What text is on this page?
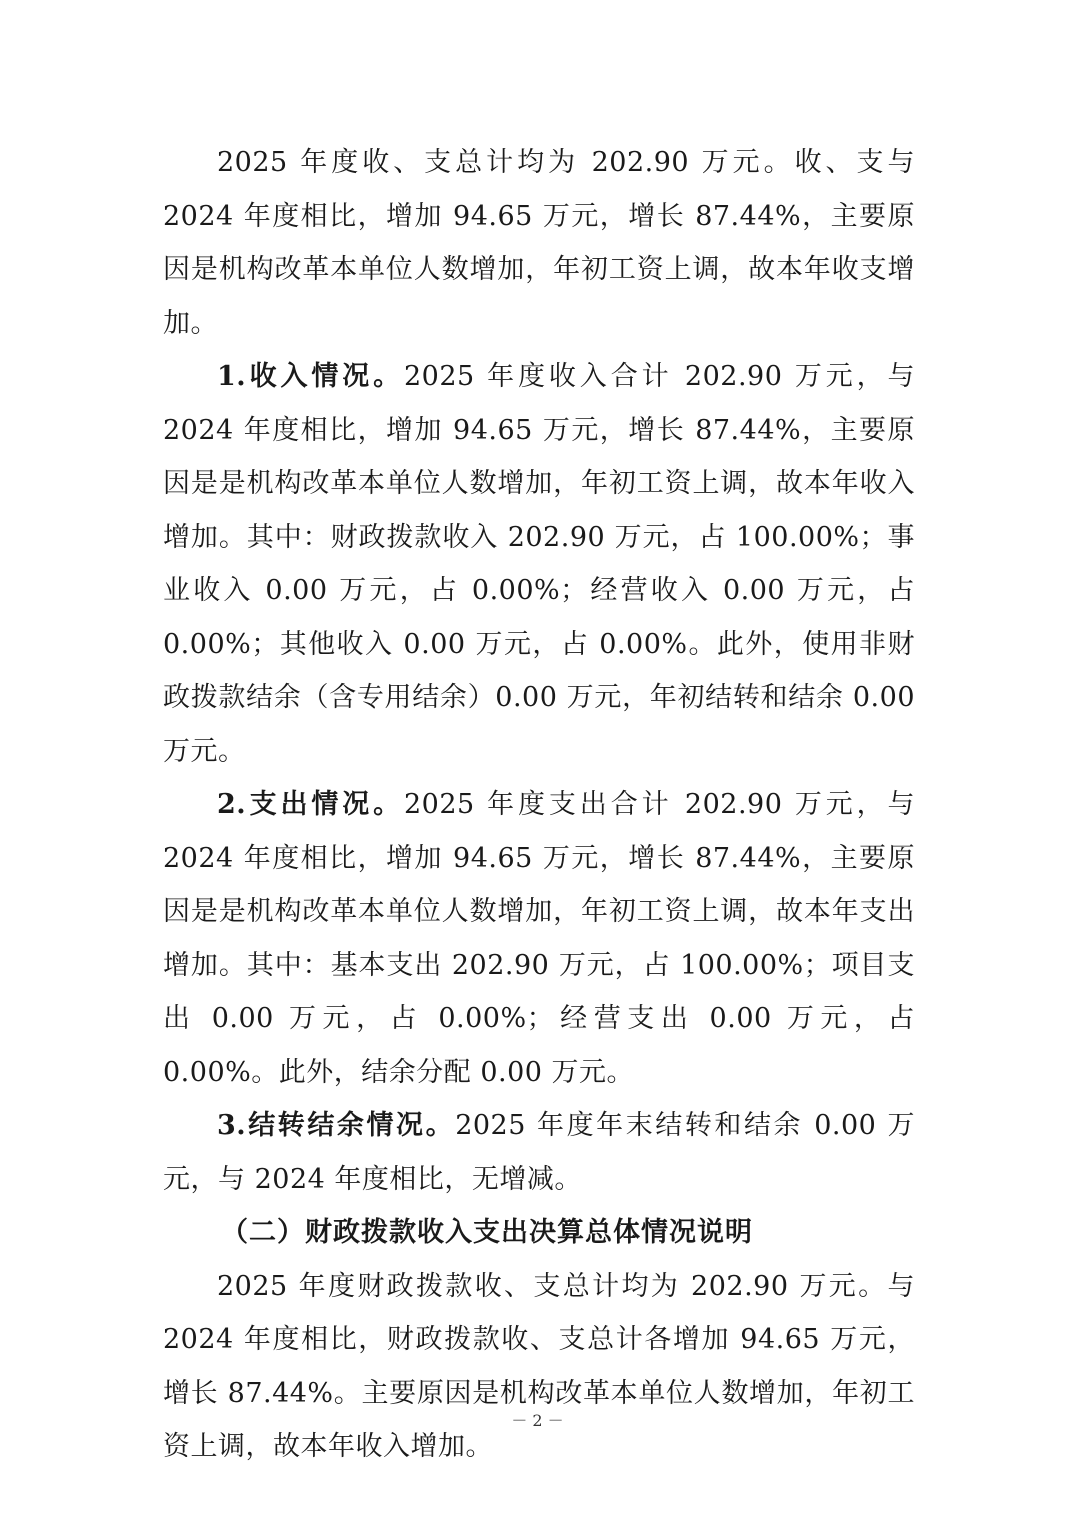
2025 年度收、支总计均为 202.90 万元。收、支与 2024 年度相比，增加 94.65 万元，增长 87.44%，主要原因是机构改革本单位人数增加，年初工资上调，故本年收支增加。

1.收入情况。2025 年度收入合计 202.90 万元，与 2024 年度相比，增加 94.65 万元，增长 87.44%，主要原因是是机构改革本单位人数增加，年初工资上调，故本年收入增加。其中：财政拨款收入 202.90 万元，占 100.00%；事业收入 0.00 万元，占 0.00%；经营收入 0.00 万元，占 0.00%；其他收入 0.00 万元，占 0.00%。此外，使用非财政拨款结余（含专用结余）0.00 万元，年初结转和结余 0.00 万元。

2.支出情况。2025 年度支出合计 202.90 万元，与 2024 年度相比，增加 94.65 万元，增长 87.44%，主要原因是是机构改革本单位人数增加，年初工资上调，故本年支出增加。其中：基本支出 202.90 万元，占 100.00%；项目支出 0.00 万元，占 0.00%；经营支出 0.00 万元，占 0.00%。此外，结余分配 0.00 万元。

3.结转结余情况。2025 年度年末结转和结余 0.00 万元，与 2024 年度相比，无增减。

（二）财政拨款收入支出决算总体情况说明

2025 年度财政拨款收、支总计均为 202.90 万元。与 2024 年度相比，财政拨款收、支总计各增加 94.65 万元，增长 87.44%。主要原因是机构改革本单位人数增加，年初工资上调，故本年收入增加。

－ 2 －
